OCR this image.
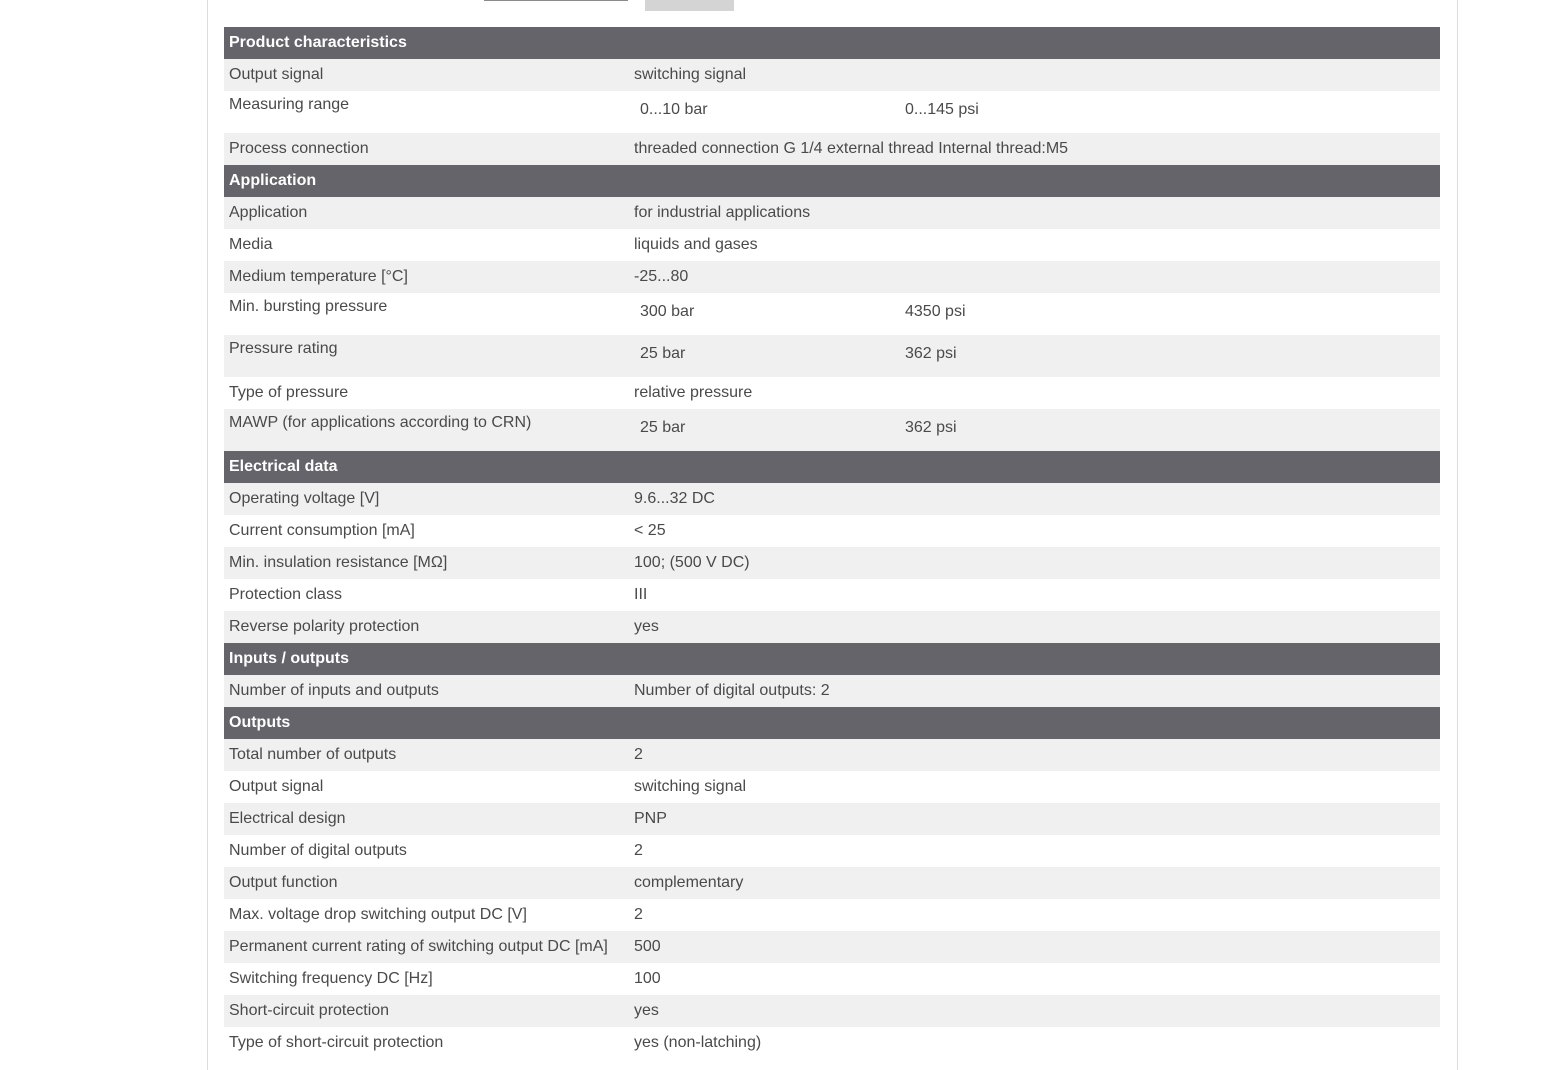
Product characteristics		
Output signal	switching signal	
Measuring range	0...10 bar	0...145 psi
Process connection	threaded connection G 1/4 external thread Internal thread:M5	
Application		
Application	for industrial applications	
Media	liquids and gases	
Medium temperature [°C]	-25...80	
Min. bursting pressure	300 bar	4350 psi
Pressure rating	25 bar	362 psi
Type of pressure	relative pressure	
MAWP (for applications according to CRN)	25 bar	362 psi
Electrical data		
Operating voltage [V]	9.6...32 DC	
Current consumption [mA]	< 25	
Min. insulation resistance [MΩ]	100; (500 V DC)	
Protection class	III	
Reverse polarity protection	yes	
Inputs / outputs		
Number of inputs and outputs	Number of digital outputs: 2	
Outputs		
Total number of outputs	2	
Output signal	switching signal	
Electrical design	PNP	
Number of digital outputs	2	
Output function	complementary	
Max. voltage drop switching output DC [V]	2	
Permanent current rating of switching output DC [mA]	500	
Switching frequency DC [Hz]	100	
Short-circuit protection	yes	
Type of short-circuit protection	yes (non-latching)	
